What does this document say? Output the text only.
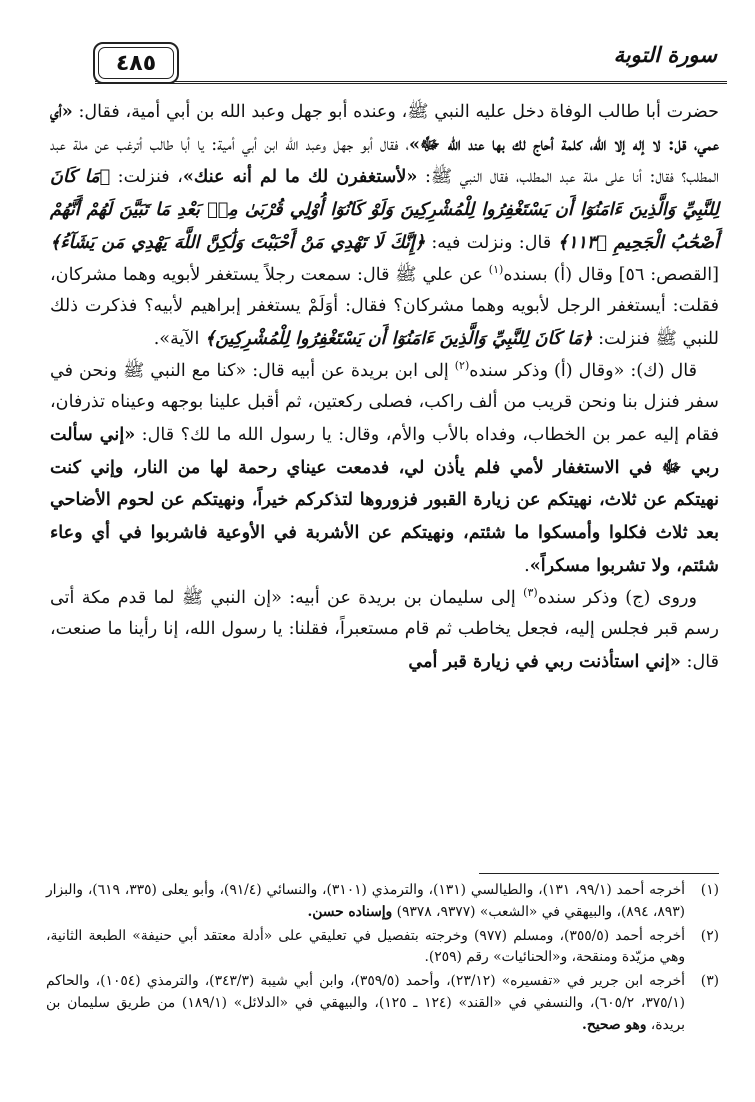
سورة التوبة
٤٨٥

حضرت أبا طالب الوفاة دخل عليه النبي ﷺ، وعنده أبو جهل وعبد الله بن أبي أمية، فقال: «أي عمي، قل: لا إله إلا الله، كلمة أحاج لك بها عند الله ﷻ»، فقال أبو جهل وعبد الله ابن أبي أمية: يا أبا طالب أترغب عن ملة عبد المطلب؟ فقال: أنا على ملة عبد المطلب، فقال النبي ﷺ: «لأستغفرن لك ما لم أنه عنك»، فنزلت: ﴿مَا كَانَ لِلنَّبِيِّ وَالَّذِينَ ءَامَنُوٓا أَن يَسْتَغْفِرُوا لِلْمُشْرِكِينَ وَلَوْ كَانُوٓا أُوْلِي قُرْبَىٰ مِنۢ بَعْدِ مَا تَبَيَّنَ لَهُمْ أَنَّهُمْ أَصْحَٰبُ الْجَحِيمِ ﴿١١٣﴾ قال: ونزلت فيه: ﴿إِنَّكَ لَا تَهْدِي مَنْ أَحْبَبْتَ وَلَٰكِنَّ اللَّهَ يَهْدِي مَن يَشَآءُ﴾ [القصص: ٥٦] وقال (أ) بسنده$^{(١)}$ عن علي ﷺ قال: سمعت رجلاً يستغفر لأبويه وهما مشركان، فقلت: أيستغفر الرجل لأبويه وهما مشركان؟ فقال: أوَلَمْ يستغفر إبراهيم لأبيه؟ فذكرت ذلك للنبي ﷺ فنزلت: ﴿مَا كَانَ لِلنَّبِيِّ وَالَّذِينَ ءَامَنُوٓا أَن يَسْتَغْفِرُوا لِلْمُشْرِكِينَ﴾ الآية».

قال (ك): «وقال (أ) وذكر سنده$^{(٢)}$ إلى ابن بريدة عن أبيه قال: «كنا مع النبي ﷺ ونحن في سفر فنزل بنا ونحن قريب من ألف راكب، فصلى ركعتين، ثم أقبل علينا بوجهه وعيناه تذرفان، فقام إليه عمر بن الخطاب، وفداه بالأب والأم، وقال: يا رسول الله ما لك؟ قال: «إني سألت ربي ﷻ في الاستغفار لأمي فلم يأذن لي، فدمعت عيناي رحمة لها من النار، وإني كنت نهيتكم عن ثلاث، نهيتكم عن زيارة القبور فزوروها لتذكركم خيراً، ونهيتكم عن لحوم الأضاحي بعد ثلاث فكلوا وأمسكوا ما شئتم، ونهيتكم عن الأشربة في الأوعية فاشربوا في أي وعاء شئتم، ولا تشربوا مسكراً».

وروى (ج) وذكر سنده$^{(٣)}$ إلى سليمان بن بريدة عن أبيه: «إن النبي ﷺ لما قدم مكة أتى رسم قبر فجلس إليه، فجعل يخاطب ثم قام مستعبراً، فقلنا: يا رسول الله، إنا رأينا ما صنعت، قال: «إني استأذنت ربي في زيارة قبر أمي

(١)
أخرجه أحمد (٩٩/١، ١٣١)، والطيالسي (١٣١)، والترمذي (٣١٠١)، والنسائي (٩١/٤)، وأبو يعلى (٣٣٥، ٦١٩)، والبزار (٨٩٣، ٨٩٤)، والبيهقي في «الشعب» (٩٣٧٧، ٩٣٧٨) وإسناده حسن.
(٢)
أخرجه أحمد (٣٥٥/٥)، ومسلم (٩٧٧) وخرجته بتفصيل في تعليقي على «أدلة معتقد أبي حنيفة» الطبعة الثانية، وهي مزيّدة ومنقحة، و«الحنائيات» رقم (٢٥٩).
(٣)
أخرجه ابن جرير في «تفسيره» (٢٣/١٢)، وأحمد (٣٥٩/٥)، وابن أبي شيبة (٣٤٣/٣)، والترمذي (١٠٥٤)، والحاكم (٣٧٥/١، ٦٠٥/٢)، والنسفي في «القند» (١٢٤ ـ ١٢٥)، والبيهقي في «الدلائل» (١٨٩/١) من طريق سليمان بن بريدة، وهو صحيح.
